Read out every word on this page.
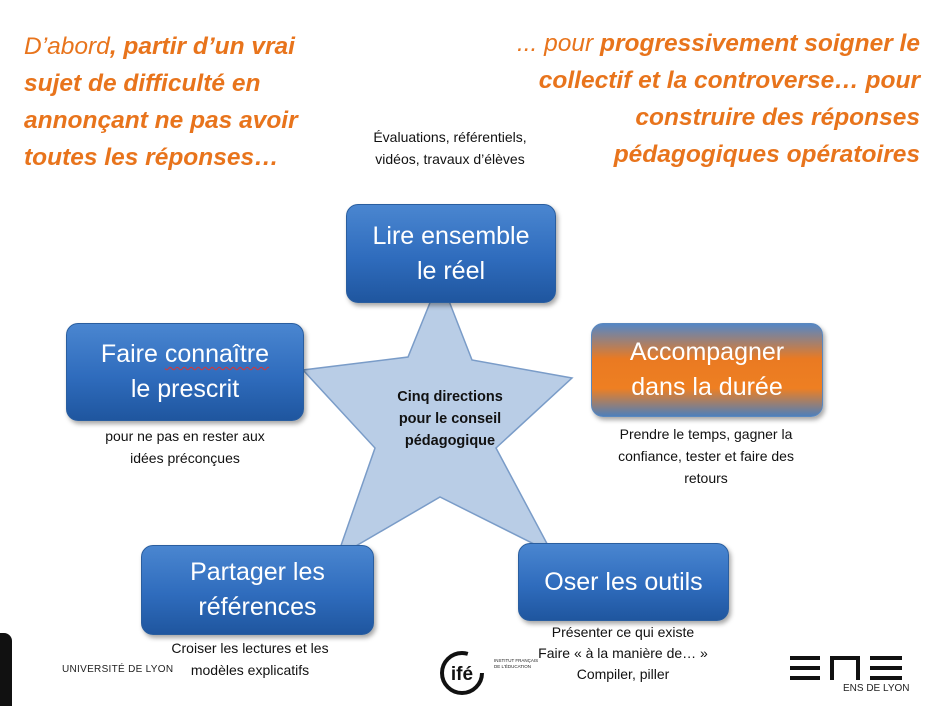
D’abord, partir d’un vrai sujet de difficulté en annonçant ne pas avoir toutes les réponses…
... pour progressivement soigner le collectif et la controverse… pour construire des réponses pédagogiques opératoires
Cinq directions pour le conseil pédagogique
Évaluations, référentiels, vidéos, travaux d’élèves
Lire ensemble
le réel
Faire connaître
le prescrit
pour ne pas en rester aux idées préconçues
Accompagner
dans la durée
Prendre le temps, gagner la confiance, tester et faire des retours
Partager les
références
Croiser les lectures et les modèles explicatifs
Oser les outils
Présenter ce qui existe
Faire « à la manière de… »
Compiler, piller
UNIVERSITÉ DE LYON	ifé
INSTITUT FRANÇAIS DE L'ÉDUCATION
ENS DE LYON
